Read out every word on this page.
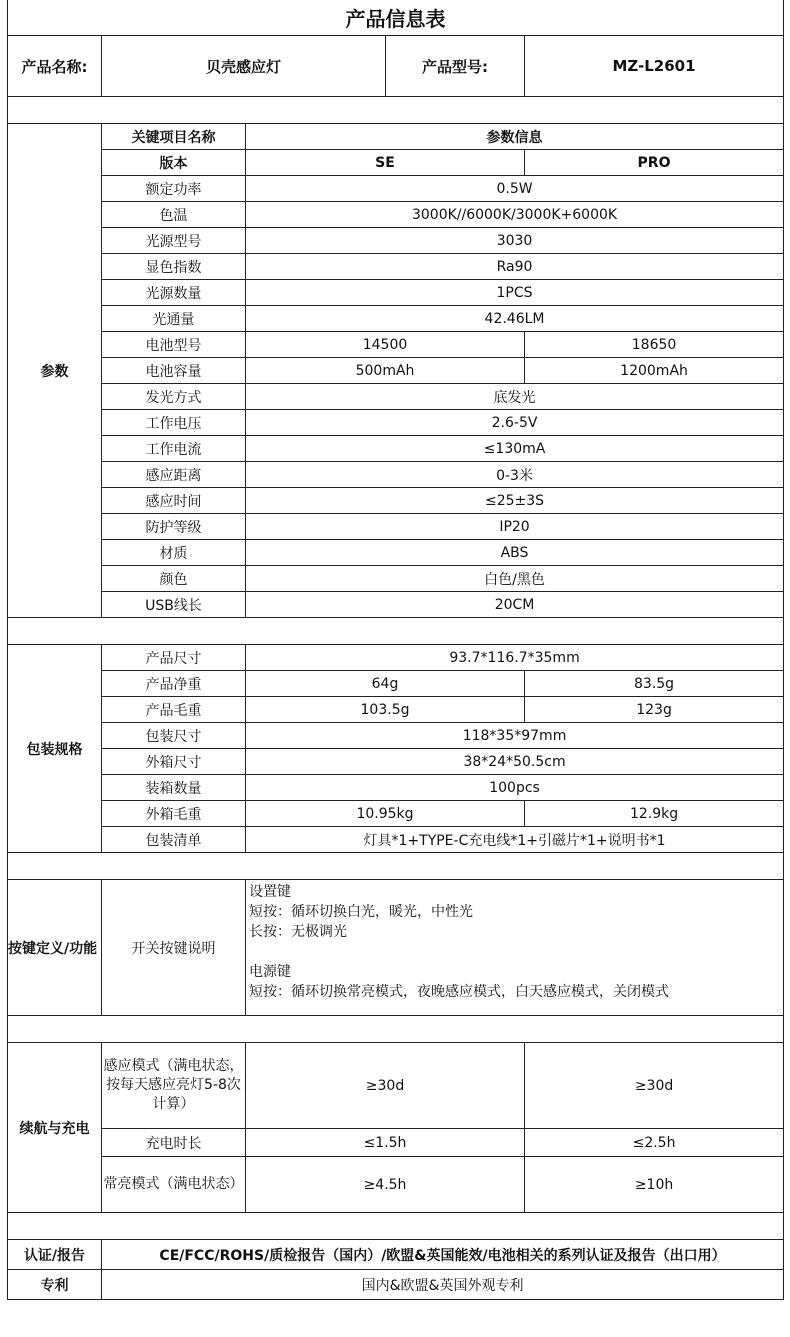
产品信息表				
产品名称:	贝壳感应灯		产品型号:	MZ-L2601

参数	关键项目名称	参数信息		
	版本	SE		PRO
	额定功率	0.5W		
	色温	3000K//6000K/3000K+6000K		
	光源型号	3030		
	显色指数	Ra90		
	光源数量	1PCS		
	光通量	42.46LM		
	电池型号	14500		18650
	电池容量	500mAh		1200mAh
	发光方式	底发光		
	工作电压	2.6-5V		
	工作电流	≤130mA		
	感应距离	0-3米		
	感应时间	≤25±3S		
	防护等级	IP20		
	材质	ABS		
	颜色	白色/黑色		
	USB线长	20CM		

包装规格	产品尺寸	93.7*116.7*35mm		
	产品净重	64g		83.5g
	产品毛重	103.5g		123g
	包装尺寸	118*35*97mm		
	外箱尺寸	38*24*50.5cm		
	装箱数量	100pcs		
	外箱毛重	10.95kg		12.9kg
	包装清单	灯具*1+TYPE-C充电线*1+引磁片*1+说明书*1		

按键定义/功能	开关按键说明	设置键
短按：循环切换白光，暖光，中性光
长按：无极调光
电源键
短按：循环切换常亮模式，夜晚感应模式，白天感应模式，关闭模式		

续航与充电	感应模式（满电状态，按每天感应亮灯5-8次计算）	≥30d		≥30d
	充电时长	≤1.5h		≤2.5h
	常亮模式（满电状态）	≥4.5h		≥10h

认证/报告	CE/FCC/ROHS/质检报告（国内）/欧盟&英国能效/电池相关的系列认证及报告（出口用）			
专利	国内&欧盟&英国外观专利			
